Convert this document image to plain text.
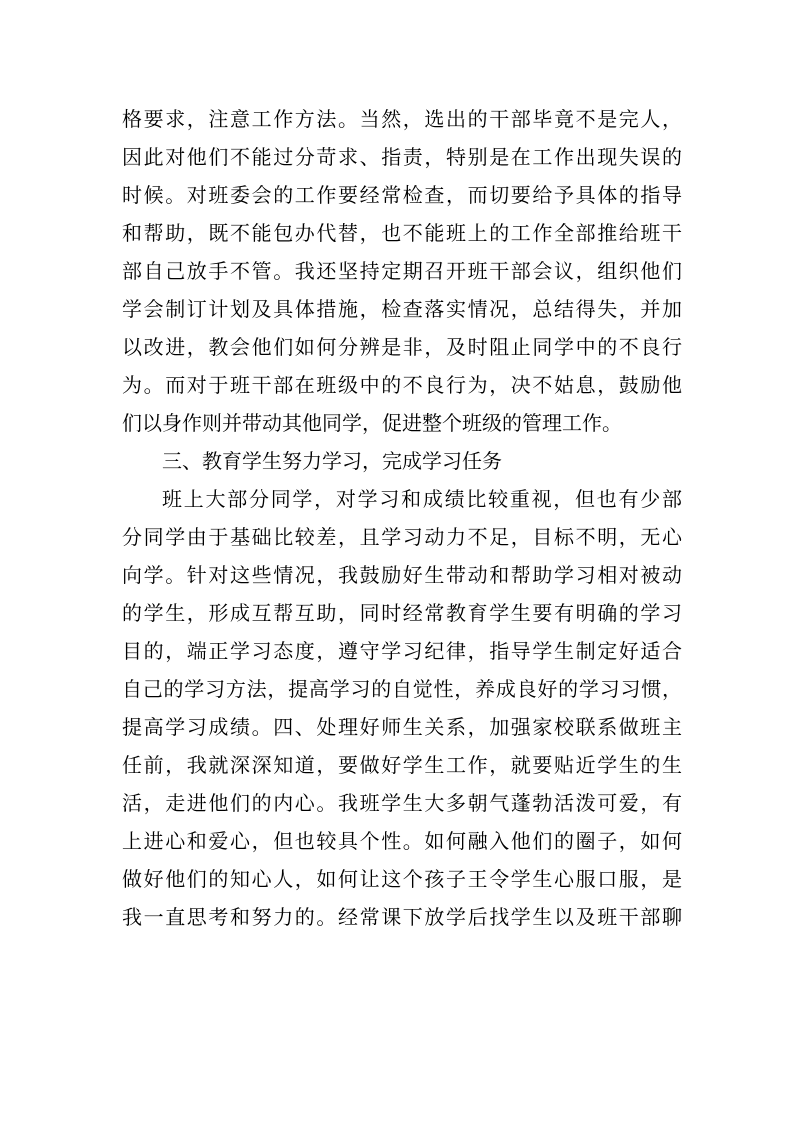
格要求，注意工作方法。当然，选出的干部毕竟不是完人，
因此对他们不能过分苛求、指责，特别是在工作出现失误的
时候。对班委会的工作要经常检查，而切要给予具体的指导
和帮助，既不能包办代替，也不能班上的工作全部推给班干
部自己放手不管。我还坚持定期召开班干部会议，组织他们
学会制订计划及具体措施，检查落实情况，总结得失，并加
以改进，教会他们如何分辨是非，及时阻止同学中的不良行
为。而对于班干部在班级中的不良行为，决不姑息，鼓励他
们以身作则并带动其他同学，促进整个班级的管理工作。
三、教育学生努力学习，完成学习任务
班上大部分同学，对学习和成绩比较重视，但也有少部
分同学由于基础比较差，且学习动力不足，目标不明，无心
向学。针对这些情况，我鼓励好生带动和帮助学习相对被动
的学生，形成互帮互助，同时经常教育学生要有明确的学习
目的，端正学习态度，遵守学习纪律，指导学生制定好适合
自己的学习方法，提高学习的自觉性，养成良好的学习习惯，
提高学习成绩。四、处理好师生关系，加强家校联系做班主
任前，我就深深知道，要做好学生工作，就要贴近学生的生
活，走进他们的内心。我班学生大多朝气蓬勃活泼可爱，有
上进心和爱心，但也较具个性。如何融入他们的圈子，如何
做好他们的知心人，如何让这个孩子王令学生心服口服，是
我一直思考和努力的。经常课下放学后找学生以及班干部聊
